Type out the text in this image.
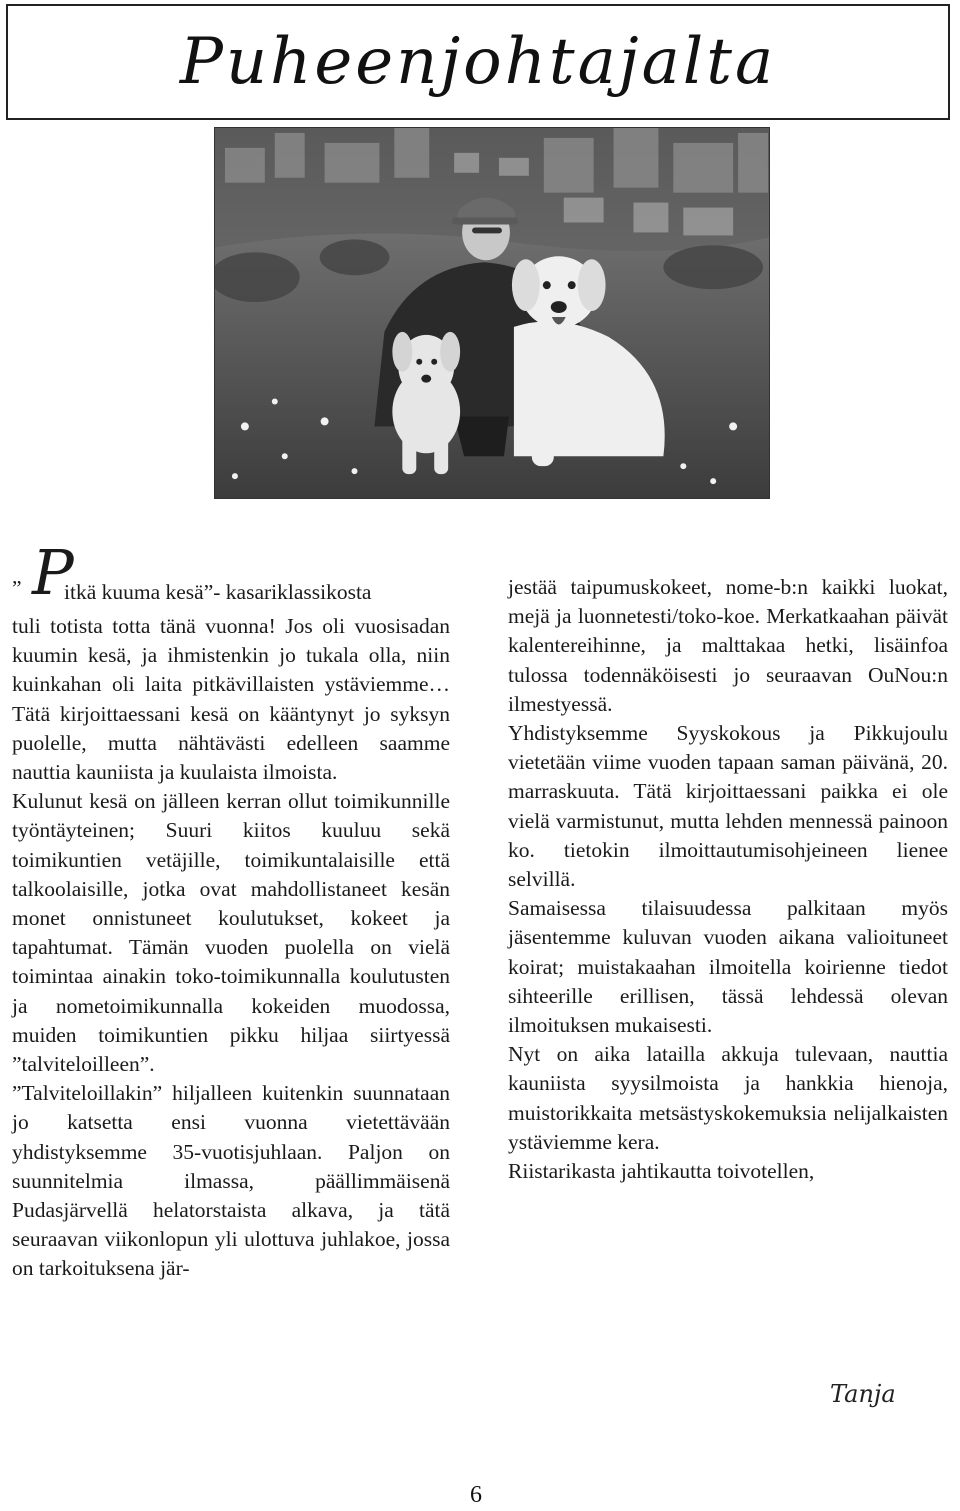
Puheenjohtajalta
” P
itkä kuuma kesä”- kasariklassikosta

tuli totista totta tänä vuonna! Jos oli vuosisadan kuumin kesä, ja ihmistenkin jo tukala olla, niin kuinkahan oli laita pitkävillaisten ystäviemme… Tätä kirjoittaessani kesä on kääntynyt jo syksyn puolelle, mutta nähtävästi edelleen saamme nauttia kauniista ja kuulaista ilmoista.

Kulunut kesä on jälleen kerran ollut toimikunnille työntäyteinen; Suuri kiitos kuuluu sekä toimikuntien vetäjille, toimikuntalaisille että talkoolaisille, jotka ovat mahdollistaneet kesän monet onnistuneet koulutukset, kokeet ja tapahtumat. Tämän vuoden puolella on vielä toimintaa ainakin toko-toimikunnalla koulutusten ja nometoimikunnalla kokeiden muodossa, muiden toimikuntien pikku hiljaa siirtyessä ”talviteloilleen”.

”Talviteloillakin” hiljalleen kuitenkin suunnataan jo katsetta ensi vuonna vietettävään yhdistyksemme 35-vuotisjuhlaan. Paljon on suunnitelmia ilmassa, päällimmäisenä Pudasjärvellä helatorstaista alkava, ja tätä seuraavan viikonlopun yli ulottuva juhlakoe, jossa on tarkoituksena jär-

jestää taipumuskokeet, nome-b:n kaikki luokat, mejä ja luonnetesti/toko-koe. Merkatkaahan päivät kalentereihinne, ja malttakaa hetki, lisäinfoa tulossa todennäköisesti jo seuraavan OuNou:n ilmestyessä.

Yhdistyksemme Syyskokous ja Pikkujoulu vietetään viime vuoden tapaan saman päivänä, 20. marraskuuta. Tätä kirjoittaessani paikka ei ole vielä varmistunut, mutta lehden mennessä painoon ko. tietokin ilmoittautumisohjeineen lienee selvillä.

Samaisessa tilaisuudessa palkitaan myös jäsentemme kuluvan vuoden aikana valioituneet koirat; muistakaahan ilmoitella koirienne tiedot sihteerille erillisen, tässä lehdessä olevan ilmoituksen mukaisesti.

Nyt on aika latailla akkuja tulevaan, nauttia kauniista syysilmoista ja hankkia hienoja, muistorikkaita metsästyskokemuksia nelijalkaisten ystäviemme kera.

Riistarikasta jahtikautta toivotellen,

Tanja
6
